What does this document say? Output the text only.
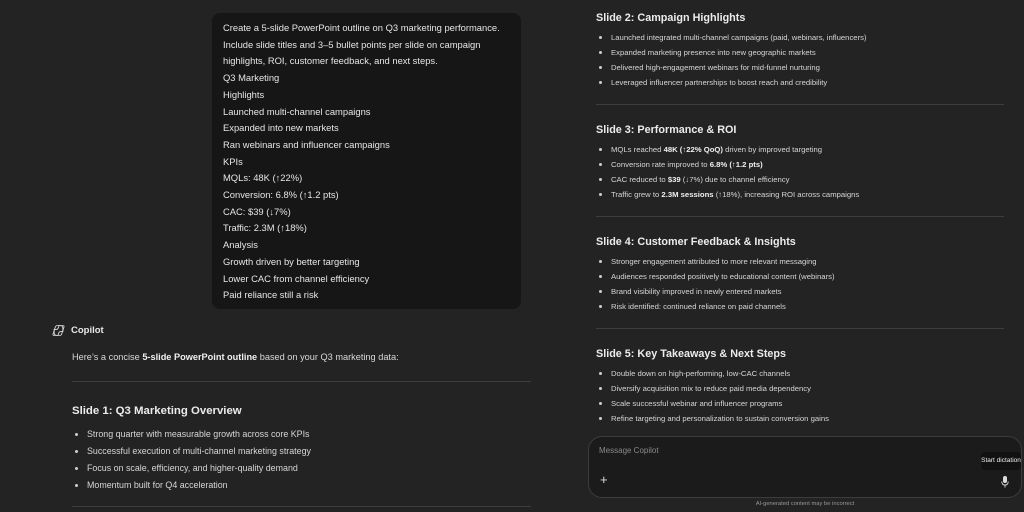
Create a 5-slide PowerPoint outline on Q3 marketing performance.
Include slide titles and 3–5 bullet points per slide on campaign
highlights, ROI, customer feedback, and next steps.
Q3 Marketing
Highlights
Launched multi-channel campaigns
Expanded into new markets
Ran webinars and influencer campaigns
KPIs
MQLs: 48K (↑22%)
Conversion: 6.8% (↑1.2 pts)
CAC: $39 (↓7%)
Traffic: 2.3M (↑18%)
Analysis
Growth driven by better targeting
Lower CAC from channel efficiency
Paid reliance still a risk
Copilot
Here’s a concise 5-slide PowerPoint outline based on your Q3 marketing data:
Slide 1: Q3 Marketing Overview
Strong quarter with measurable growth across core KPIs
Successful execution of multi-channel marketing strategy
Focus on scale, efficiency, and higher-quality demand
Momentum built for Q4 acceleration
Slide 2: Campaign Highlights
Launched integrated multi-channel campaigns (paid, webinars, influencers)
Expanded marketing presence into new geographic markets
Delivered high-engagement webinars for mid-funnel nurturing
Leveraged influencer partnerships to boost reach and credibility
Slide 3: Performance & ROI
MQLs reached 48K (↑22% QoQ) driven by improved targeting
Conversion rate improved to 6.8% (↑1.2 pts)
CAC reduced to $39 (↓7%) due to channel efficiency
Traffic grew to 2.3M sessions (↑18%), increasing ROI across campaigns
Slide 4: Customer Feedback & Insights
Stronger engagement attributed to more relevant messaging
Audiences responded positively to educational content (webinars)
Brand visibility improved in newly entered markets
Risk identified: continued reliance on paid channels
Slide 5: Key Takeaways & Next Steps
Double down on high-performing, low-CAC channels
Diversify acquisition mix to reduce paid media dependency
Scale successful webinar and influencer programs
Refine targeting and personalization to sustain conversion gains
Message Copilot
+
Start dictation
AI-generated content may be incorrect
